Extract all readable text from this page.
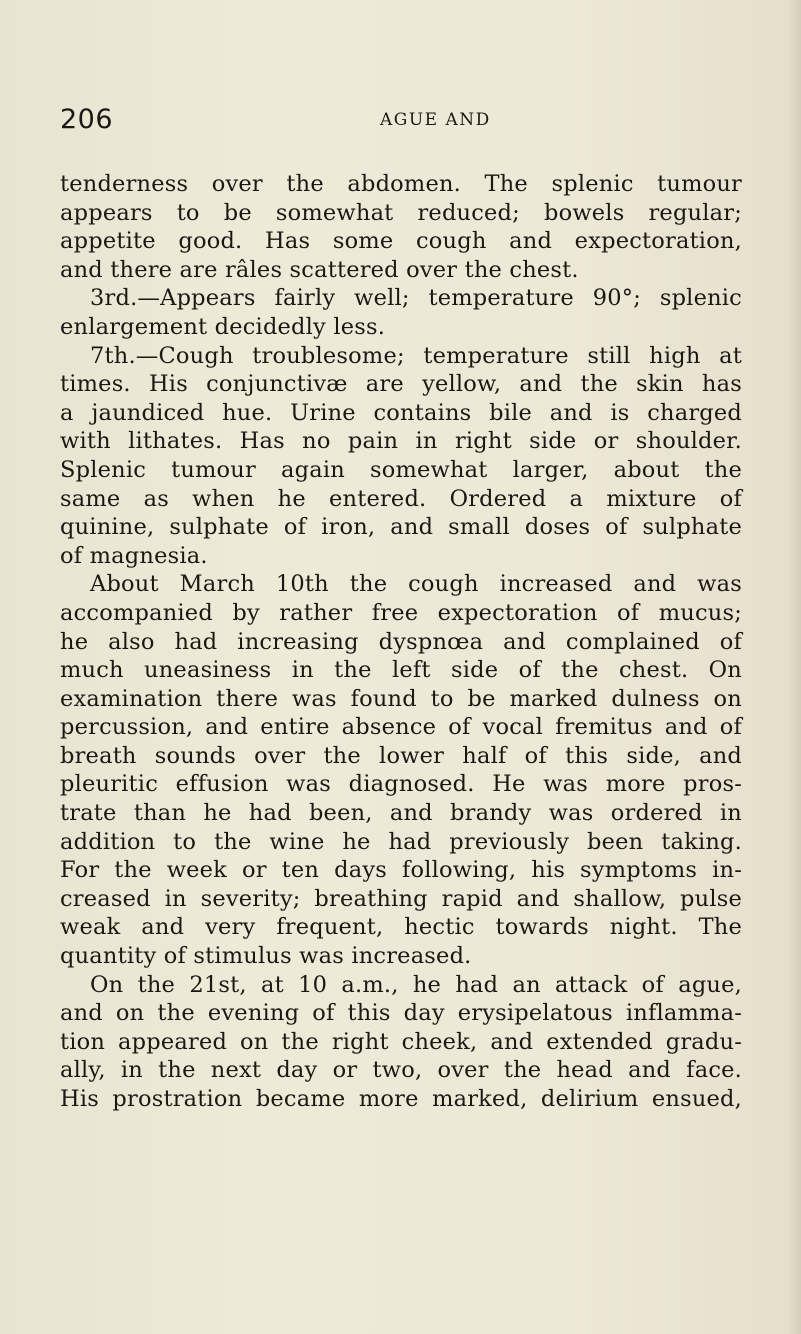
206	AGUE AND
tenderness over the abdomen. The splenic tumour
appears to be somewhat reduced; bowels regular;
appetite good. Has some cough and expectoration,
and there are râles scattered over the chest.
3rd.—Appears fairly well; temperature 90°; splenic
enlargement decidedly less.
7th.—Cough troublesome; temperature still high at
times. His conjunctivæ are yellow, and the skin has
a jaundiced hue. Urine contains bile and is charged
with lithates. Has no pain in right side or shoulder.
Splenic tumour again somewhat larger, about the
same as when he entered. Ordered a mixture of
quinine, sulphate of iron, and small doses of sulphate
of magnesia.
About March 10th the cough increased and was
accompanied by rather free expectoration of mucus;
he also had increasing dyspnœa and complained of
much uneasiness in the left side of the chest. On
examination there was found to be marked dulness on
percussion, and entire absence of vocal fremitus and of
breath sounds over the lower half of this side, and
pleuritic effusion was diagnosed. He was more pros-
trate than he had been, and brandy was ordered in
addition to the wine he had previously been taking.
For the week or ten days following, his symptoms in-
creased in severity; breathing rapid and shallow, pulse
weak and very frequent, hectic towards night. The
quantity of stimulus was increased.
On the 21st, at 10 a.m., he had an attack of ague,
and on the evening of this day erysipelatous inflamma-
tion appeared on the right cheek, and extended gradu-
ally, in the next day or two, over the head and face.
His prostration became more marked, delirium ensued,
